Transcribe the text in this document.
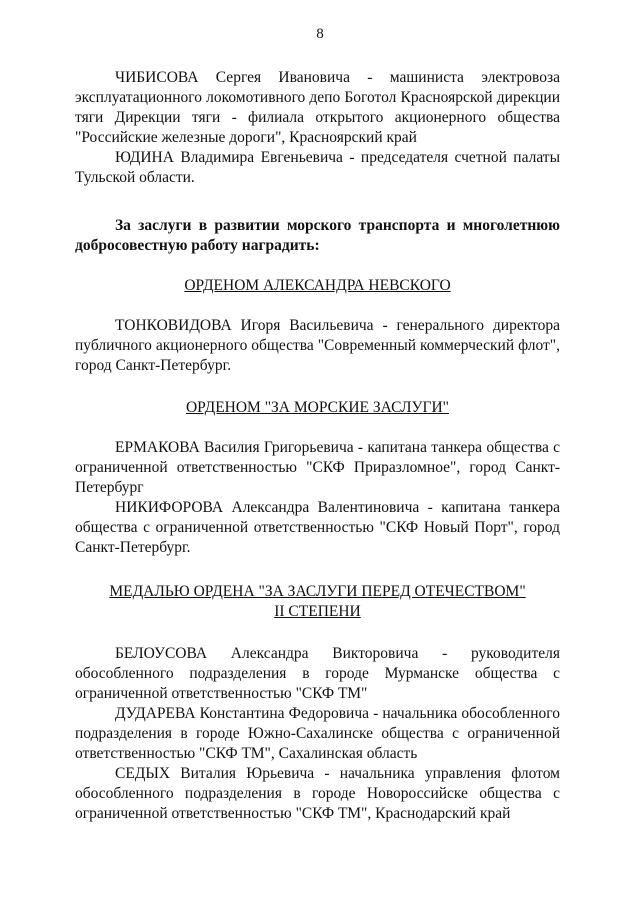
8

ЧИБИСОВА Сергея Ивановича - машиниста электровоза эксплуатационного локомотивного депо Боготол Красноярской дирекции тяги Дирекции тяги - филиала открытого акционерного общества "Российские железные дороги", Красноярский край

ЮДИНА Владимира Евгеньевича - председателя счетной палаты Тульской области.

За заслуги в развитии морского транспорта и многолетнюю добросовестную работу наградить:

ОРДЕНОМ АЛЕКСАНДРА НЕВСКОГО

ТОНКОВИДОВА Игоря Васильевича - генерального директора публичного акционерного общества "Современный коммерческий флот", город Санкт-Петербург.

ОРДЕНОМ "ЗА МОРСКИЕ ЗАСЛУГИ"

ЕРМАКОВА Василия Григорьевича - капитана танкера общества с ограниченной ответственностью "СКФ Приразломное", город Санкт-Петербург

НИКИФОРОВА Александра Валентиновича - капитана танкера общества с ограниченной ответственностью "СКФ Новый Порт", город Санкт-Петербург.

МЕДАЛЬЮ ОРДЕНА "ЗА ЗАСЛУГИ ПЕРЕД ОТЕЧЕСТВОМ"
II СТЕПЕНИ

БЕЛОУСОВА Александра Викторовича - руководителя обособленного подразделения в городе Мурманске общества с ограниченной ответственностью "СКФ ТМ"

ДУДАРЕВА Константина Федоровича - начальника обособленного подразделения в городе Южно-Сахалинске общества с ограниченной ответственностью "СКФ ТМ", Сахалинская область

СЕДЫХ Виталия Юрьевича - начальника управления флотом обособленного подразделения в городе Новороссийске общества с ограниченной ответственностью "СКФ ТМ", Краснодарский край
